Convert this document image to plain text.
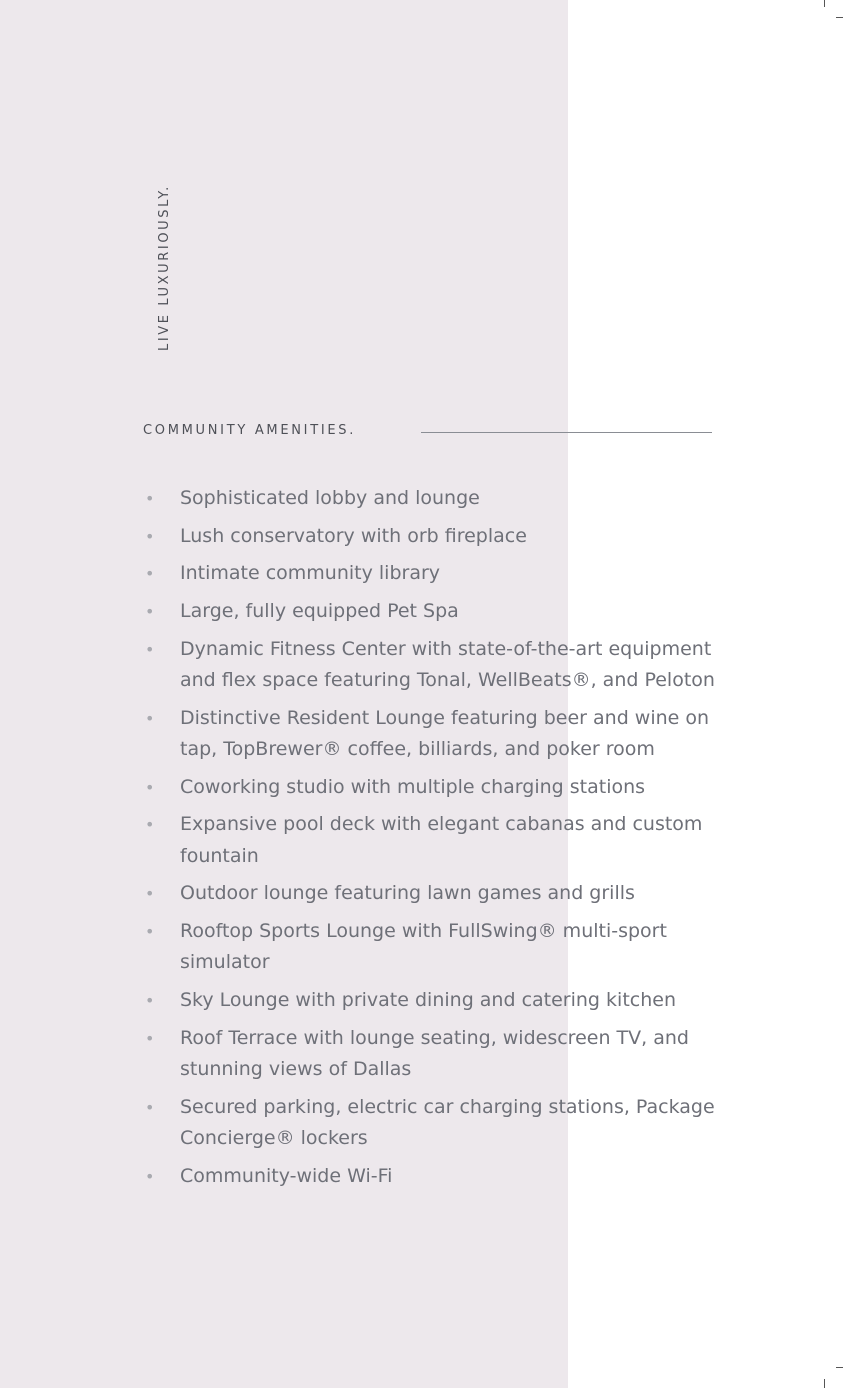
LIVE LUXURIOUSLY.
COMMUNITY AMENITIES.
• Sophisticated lobby and lounge
• Lush conservatory with orb fireplace
• Intimate community library
• Large, fully equipped Pet Spa
• Dynamic Fitness Center with state-of-the-art equipment and flex space featuring Tonal, WellBeats®, and Peloton
• Distinctive Resident Lounge featuring beer and wine on tap, TopBrewer® coffee, billiards, and poker room
• Coworking studio with multiple charging stations
• Expansive pool deck with elegant cabanas and custom fountain
• Outdoor lounge featuring lawn games and grills
• Rooftop Sports Lounge with FullSwing® multi-sport simulator
• Sky Lounge with private dining and catering kitchen
• Roof Terrace with lounge seating, widescreen TV, and stunning views of Dallas
• Secured parking, electric car charging stations, Package Concierge® lockers
• Community-wide Wi-Fi
